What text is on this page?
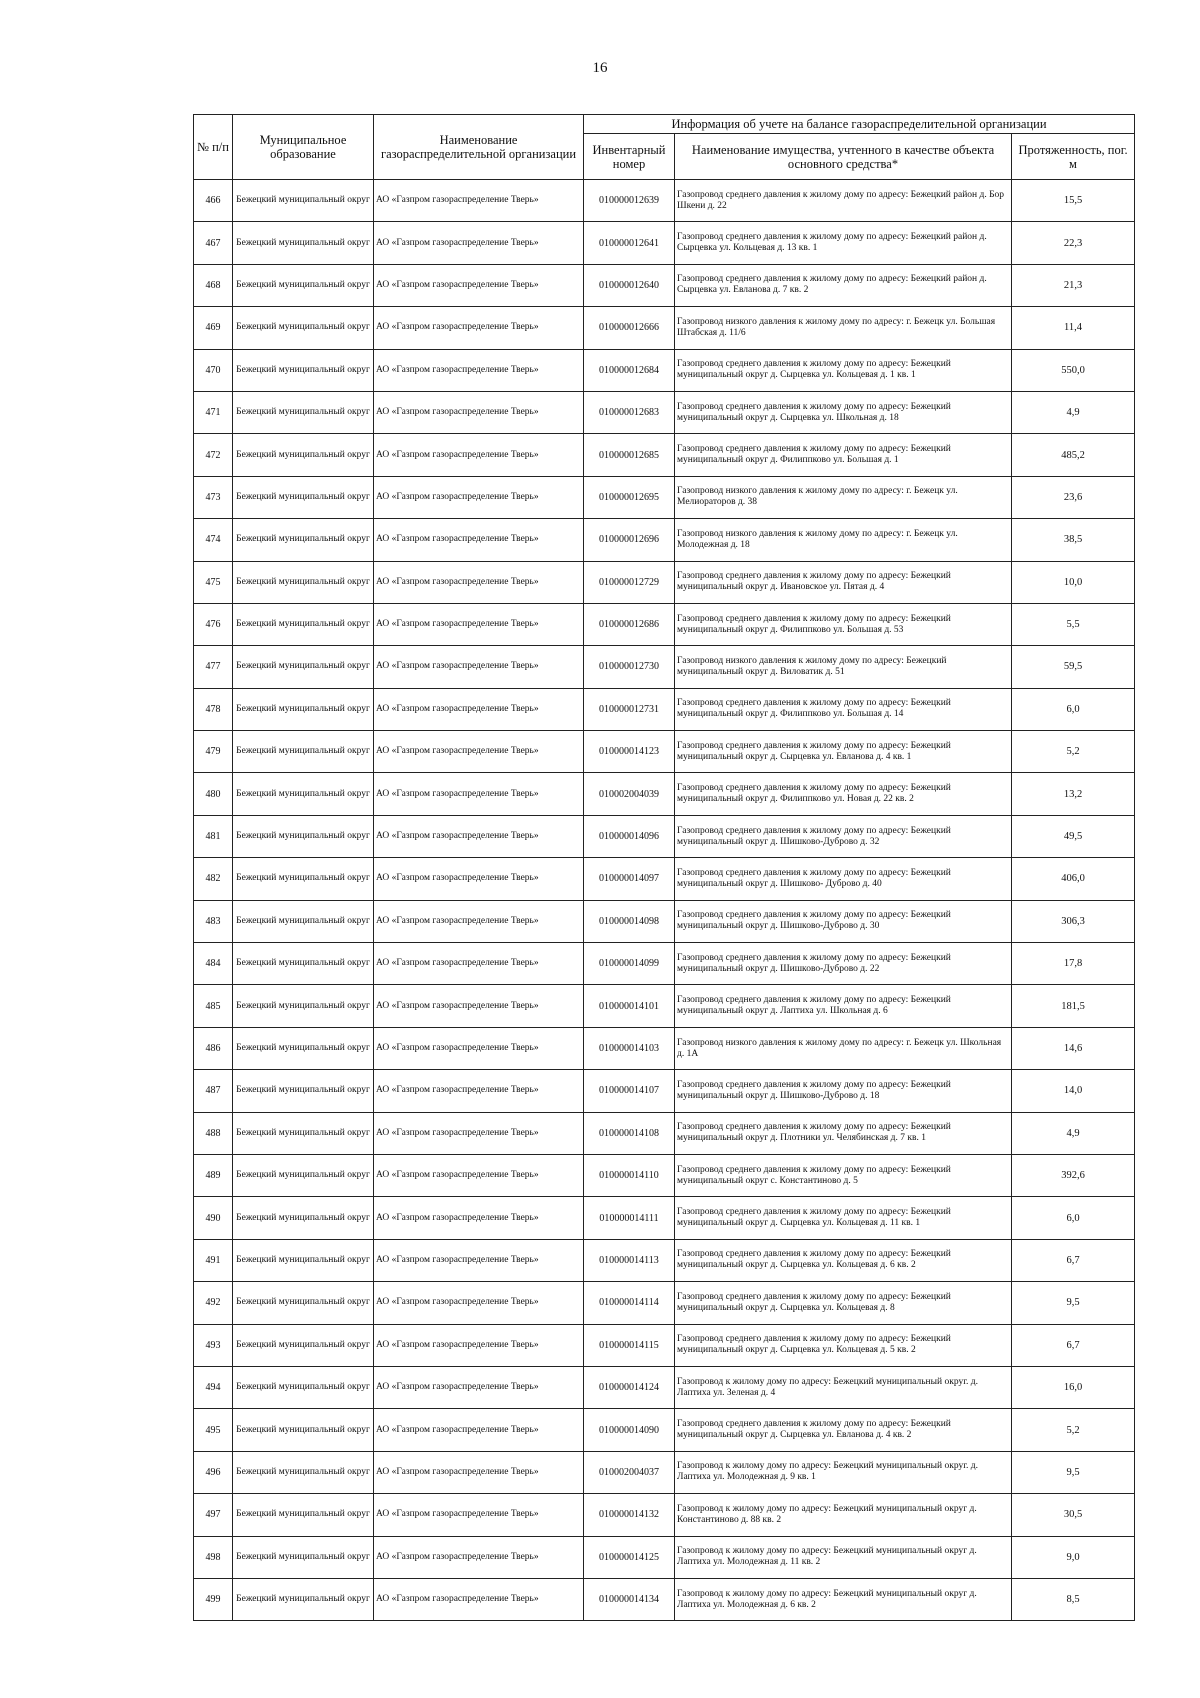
16
№ п/п	Муниципальное образование	Наименование газораспределительной организации	Информация об учете на балансе газораспределительной организации		
			Инвентарный номер	Наименование имущества, учтенного в качестве объекта основного средства*	Протяженность, пог. м
466	Бежецкий муниципальный округ	АО «Газпром газораспределение Тверь»	010000012639	Газопровод среднего давления к жилому дому по адресу: Бежецкий район д. Бор Шкени д. 22	15,5
467	Бежецкий муниципальный округ	АО «Газпром газораспределение Тверь»	010000012641	Газопровод среднего давления к жилому дому по адресу: Бежецкий район д. Сырцевка ул. Кольцевая д. 13 кв. 1	22,3
468	Бежецкий муниципальный округ	АО «Газпром газораспределение Тверь»	010000012640	Газопровод среднего давления к жилому дому по адресу: Бежецкий район д. Сырцевка ул. Евланова д. 7 кв. 2	21,3
469	Бежецкий муниципальный округ	АО «Газпром газораспределение Тверь»	010000012666	Газопровод низкого давления к жилому дому по адресу: г. Бежецк ул. Большая Штабская д. 11/6	11,4
470	Бежецкий муниципальный округ	АО «Газпром газораспределение Тверь»	010000012684	Газопровод среднего давления к жилому дому по адресу: Бежецкий муниципальный округ д. Сырцевка ул. Кольцевая д. 1 кв. 1	550,0
471	Бежецкий муниципальный округ	АО «Газпром газораспределение Тверь»	010000012683	Газопровод среднего давления к жилому дому по адресу: Бежецкий муниципальный округ д. Сырцевка ул. Школьная д. 18	4,9
472	Бежецкий муниципальный округ	АО «Газпром газораспределение Тверь»	010000012685	Газопровод среднего давления к жилому дому по адресу: Бежецкий муниципальный округ д. Филиппково ул. Большая д. 1	485,2
473	Бежецкий муниципальный округ	АО «Газпром газораспределение Тверь»	010000012695	Газопровод низкого давления к жилому дому по адресу: г. Бежецк ул. Мелиораторов д. 38	23,6
474	Бежецкий муниципальный округ	АО «Газпром газораспределение Тверь»	010000012696	Газопровод низкого давления к жилому дому по адресу: г. Бежецк ул. Молодежная д. 18	38,5
475	Бежецкий муниципальный округ	АО «Газпром газораспределение Тверь»	010000012729	Газопровод среднего давления к жилому дому по адресу: Бежецкий муниципальный округ д. Ивановское ул. Пятая д. 4	10,0
476	Бежецкий муниципальный округ	АО «Газпром газораспределение Тверь»	010000012686	Газопровод среднего давления к жилому дому по адресу: Бежецкий муниципальный округ д. Филиппково ул. Большая д. 53	5,5
477	Бежецкий муниципальный округ	АО «Газпром газораспределение Тверь»	010000012730	Газопровод низкого давления к жилому дому по адресу: Бежецкий муниципальный округ д. Виловатик д. 51	59,5
478	Бежецкий муниципальный округ	АО «Газпром газораспределение Тверь»	010000012731	Газопровод среднего давления к жилому дому по адресу: Бежецкий муниципальный округ д. Филиппково ул. Большая д. 14	6,0
479	Бежецкий муниципальный округ	АО «Газпром газораспределение Тверь»	010000014123	Газопровод среднего давления к жилому дому по адресу: Бежецкий муниципальный округ д. Сырцевка ул. Евланова д. 4 кв. 1	5,2
480	Бежецкий муниципальный округ	АО «Газпром газораспределение Тверь»	010002004039	Газопровод среднего давления к жилому дому по адресу: Бежецкий муниципальный округ д. Филиппково ул. Новая д. 22 кв. 2	13,2
481	Бежецкий муниципальный округ	АО «Газпром газораспределение Тверь»	010000014096	Газопровод среднего давления к жилому дому по адресу: Бежецкий муниципальный округ д. Шишково-Дуброво д. 32	49,5
482	Бежецкий муниципальный округ	АО «Газпром газораспределение Тверь»	010000014097	Газопровод среднего давления к жилому дому по адресу: Бежецкий муниципальный округ д. Шишково- Дуброво д. 40	406,0
483	Бежецкий муниципальный округ	АО «Газпром газораспределение Тверь»	010000014098	Газопровод среднего давления к жилому дому по адресу: Бежецкий муниципальный округ д. Шишково-Дуброво д. 30	306,3
484	Бежецкий муниципальный округ	АО «Газпром газораспределение Тверь»	010000014099	Газопровод среднего давления к жилому дому по адресу: Бежецкий муниципальный округ д. Шишково-Дуброво д. 22	17,8
485	Бежецкий муниципальный округ	АО «Газпром газораспределение Тверь»	010000014101	Газопровод среднего давления к жилому дому по адресу: Бежецкий муниципальный округ д. Лаптиха ул. Школьная д. 6	181,5
486	Бежецкий муниципальный округ	АО «Газпром газораспределение Тверь»	010000014103	Газопровод низкого давления к жилому дому по адресу: г. Бежецк ул. Школьная д. 1А	14,6
487	Бежецкий муниципальный округ	АО «Газпром газораспределение Тверь»	010000014107	Газопровод среднего давления к жилому дому по адресу: Бежецкий муниципальный округ д. Шишково-Дуброво д. 18	14,0
488	Бежецкий муниципальный округ	АО «Газпром газораспределение Тверь»	010000014108	Газопровод среднего давления к жилому дому по адресу: Бежецкий муниципальный округ д. Плотники ул. Челябинская д. 7 кв. 1	4,9
489	Бежецкий муниципальный округ	АО «Газпром газораспределение Тверь»	010000014110	Газопровод среднего давления к жилому дому по адресу: Бежецкий муниципальный округ с. Константиново д. 5	392,6
490	Бежецкий муниципальный округ	АО «Газпром газораспределение Тверь»	010000014111	Газопровод среднего давления к жилому дому по адресу: Бежецкий муниципальный округ д. Сырцевка ул. Кольцевая д. 11 кв. 1	6,0
491	Бежецкий муниципальный округ	АО «Газпром газораспределение Тверь»	010000014113	Газопровод среднего давления к жилому дому по адресу: Бежецкий муниципальный округ д. Сырцевка ул. Кольцевая д. 6 кв. 2	6,7
492	Бежецкий муниципальный округ	АО «Газпром газораспределение Тверь»	010000014114	Газопровод среднего давления к жилому дому по адресу: Бежецкий муниципальный округ д. Сырцевка ул. Кольцевая д. 8	9,5
493	Бежецкий муниципальный округ	АО «Газпром газораспределение Тверь»	010000014115	Газопровод среднего давления к жилому дому по адресу: Бежецкий муниципальный округ д. Сырцевка ул. Кольцевая д. 5 кв. 2	6,7
494	Бежецкий муниципальный округ	АО «Газпром газораспределение Тверь»	010000014124	Газопровод к жилому дому по адресу: Бежецкий муниципальный округ. д. Лаптиха ул. Зеленая д. 4	16,0
495	Бежецкий муниципальный округ	АО «Газпром газораспределение Тверь»	010000014090	Газопровод среднего давления к жилому дому по адресу: Бежецкий муниципальный округ д. Сырцевка ул. Евланова д. 4 кв. 2	5,2
496	Бежецкий муниципальный округ	АО «Газпром газораспределение Тверь»	010002004037	Газопровод к жилому дому по адресу: Бежецкий муниципальный округ. д. Лаптиха ул. Молодежная д. 9 кв. 1	9,5
497	Бежецкий муниципальный округ	АО «Газпром газораспределение Тверь»	010000014132	Газопровод к жилому дому по адресу: Бежецкий муниципальный округ д. Константиново д. 88 кв. 2	30,5
498	Бежецкий муниципальный округ	АО «Газпром газораспределение Тверь»	010000014125	Газопровод к жилому дому по адресу: Бежецкий муниципальный округ д. Лаптиха ул. Молодежная д. 11 кв. 2	9,0
499	Бежецкий муниципальный округ	АО «Газпром газораспределение Тверь»	010000014134	Газопровод к жилому дому по адресу: Бежецкий муниципальный округ д. Лаптиха ул. Молодежная д. 6 кв. 2	8,5
